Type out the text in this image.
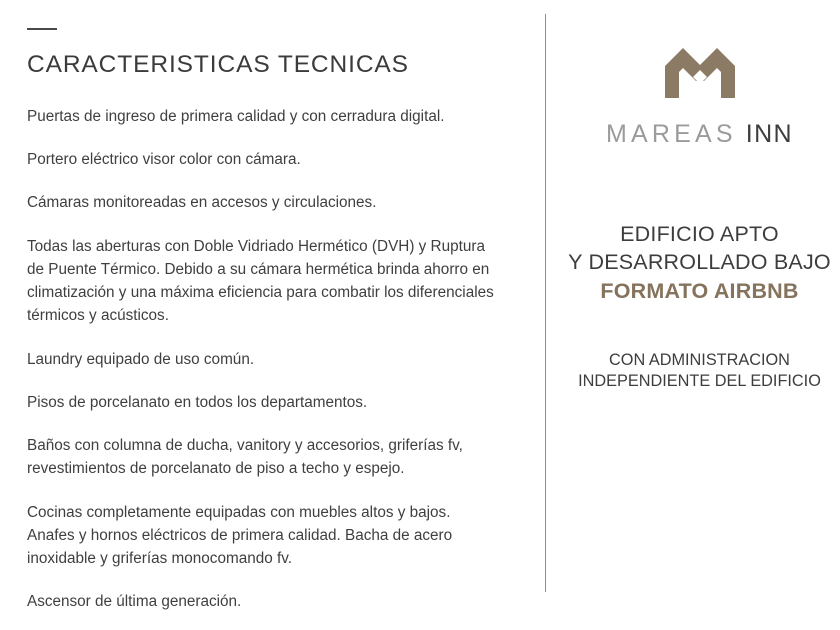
CARACTERISTICAS TECNICAS

Puertas de ingreso de primera calidad y con cerradura digital.

Portero eléctrico visor color con cámara.

Cámaras monitoreadas en accesos y circulaciones.

Todas las aberturas con Doble Vidriado Hermético (DVH) y Ruptura de Puente Térmico. Debido a su cámara hermética brinda ahorro en climatización y una máxima eficiencia para combatir los diferenciales térmicos y acústicos.

Laundry equipado de uso común.

Pisos de porcelanato en todos los departamentos.

Baños con columna de ducha, vanitory y accesorios, griferías fv, revestimientos de porcelanato de piso a techo y espejo.

Cocinas completamente equipadas con muebles altos y bajos. Anafes y hornos eléctricos de primera calidad. Bacha de acero inoxidable y griferías monocomando fv.

Ascensor de última generación.

MAREAS INN
EDIFICIO APTO
Y DESARROLLADO BAJO
FORMATO AIRBNB
CON ADMINISTRACION
INDEPENDIENTE DEL EDIFICIO
